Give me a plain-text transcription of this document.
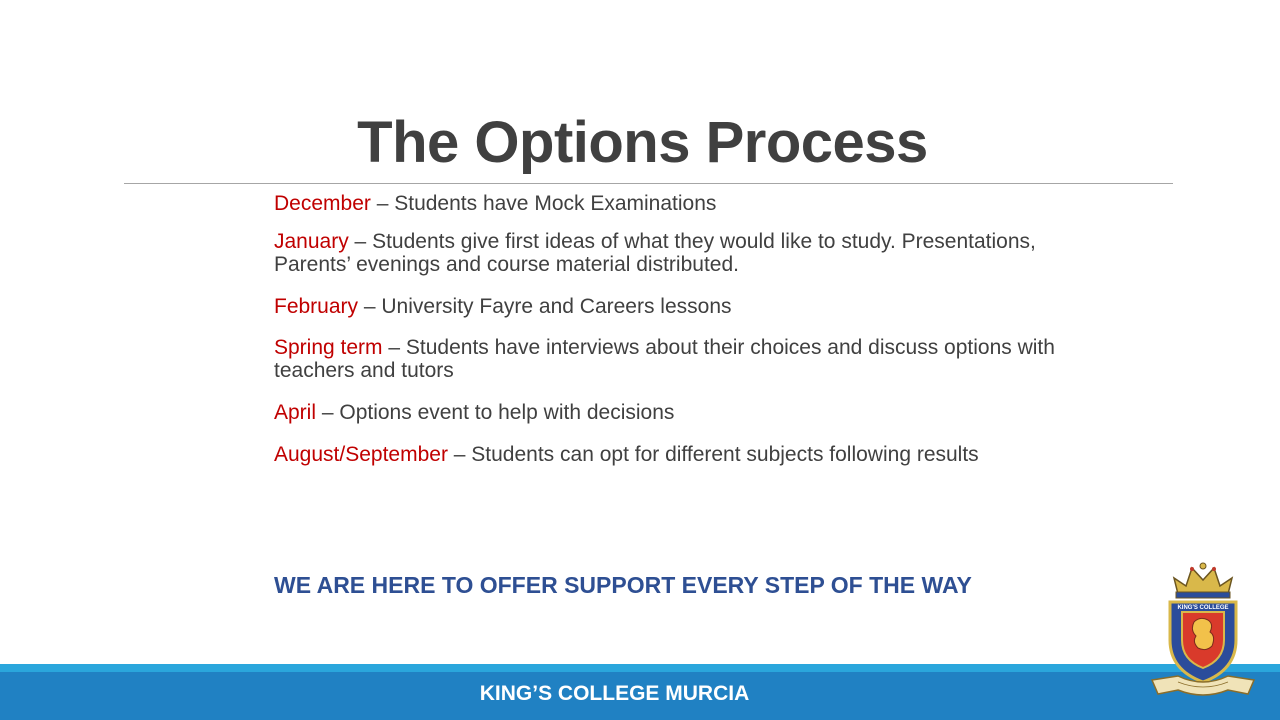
The Options Process
December – Students have Mock Examinations
January – Students give first ideas of what they would like to study. Presentations, Parents’ evenings and course material distributed.
February – University Fayre and Careers lessons
Spring term – Students have interviews about their choices and discuss options with teachers and tutors
April – Options event to help with decisions
August/September – Students can opt for different subjects following results
WE ARE HERE TO OFFER SUPPORT EVERY STEP OF THE WAY
KING’S COLLEGE MURCIA
KING'S COLLEGE
